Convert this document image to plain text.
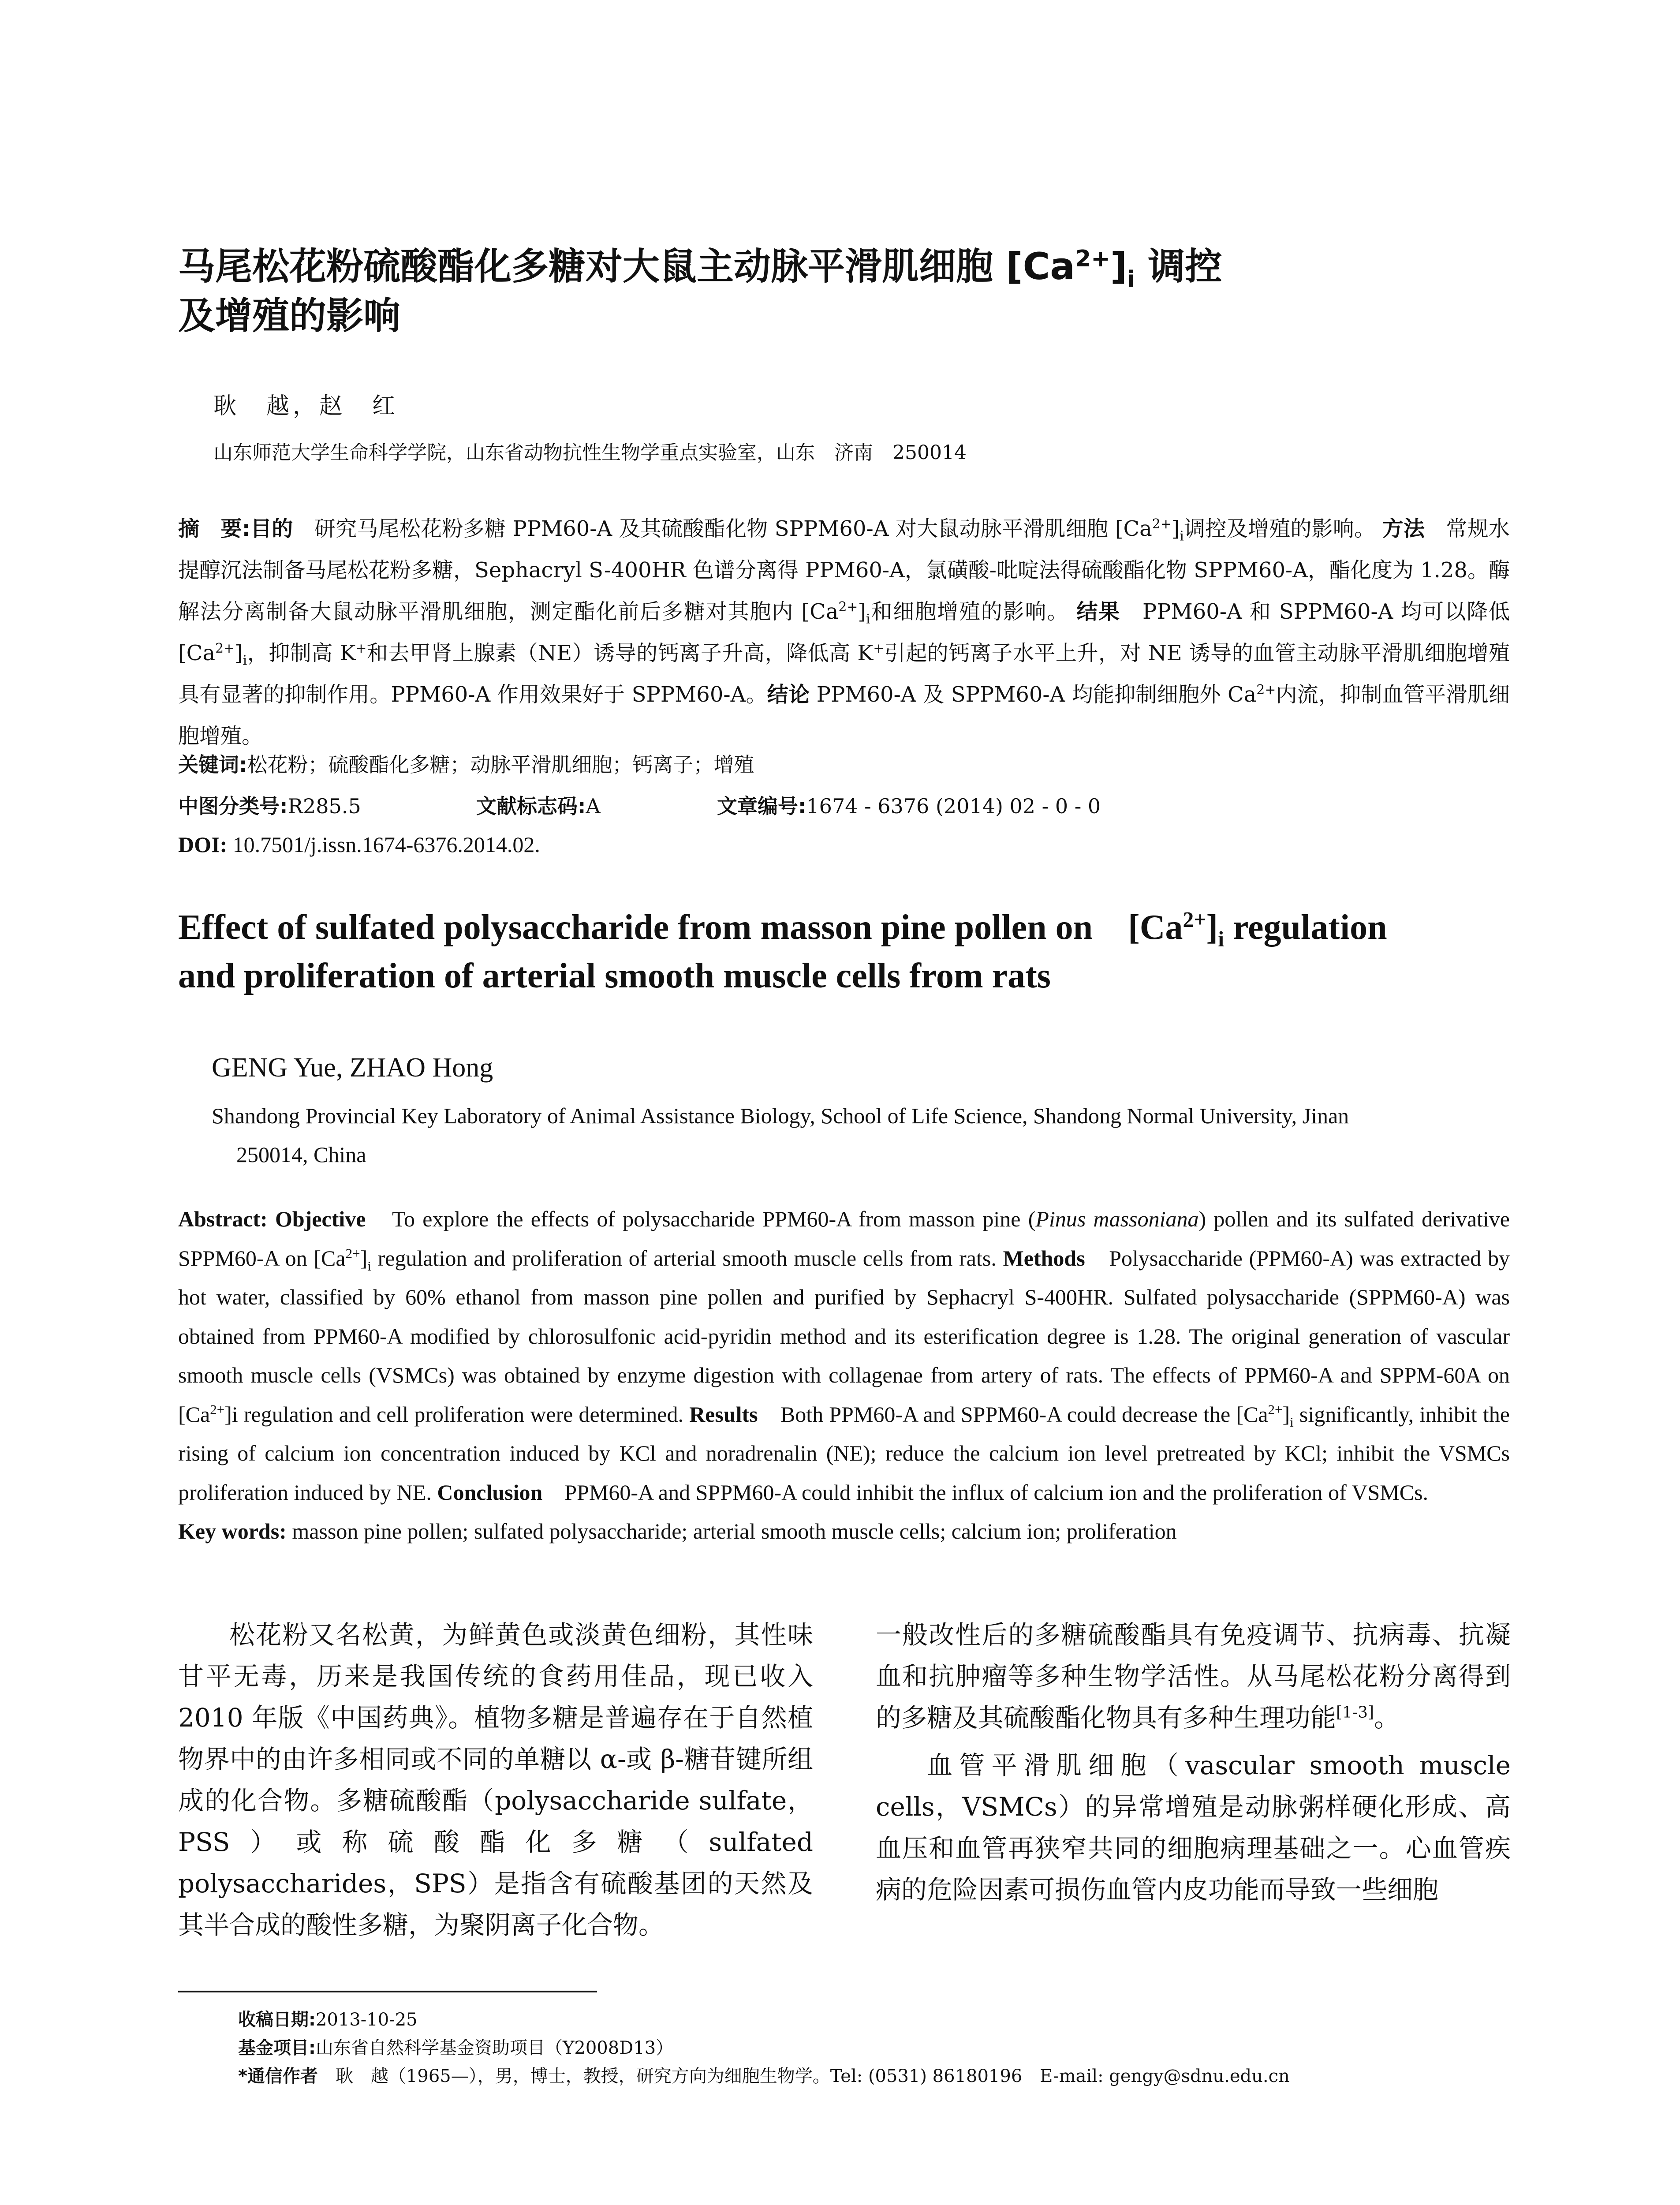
马尾松花粉硫酸酯化多糖对大鼠主动脉平滑肌细胞 $[Ca^{2+}]_i$ 调控
及增殖的影响
耿　越，赵　红
山东师范大学生命科学学院，山东省动物抗性生物学重点实验室，山东　济南　250014
摘　要:目的　研究马尾松花粉多糖 PPM60-A 及其硫酸酯化物 SPPM60-A 对大鼠动脉平滑肌细胞 $[Ca^{2+}]_i$调控及增殖的影响。 方法　常规水提醇沉法制备马尾松花粉多糖，Sephacryl S-400HR 色谱分离得 PPM60-A，氯磺酸-吡啶法得硫酸酯化物 SPPM60-A，酯化度为 1.28。酶解法分离制备大鼠动脉平滑肌细胞，测定酯化前后多糖对其胞内 $[Ca^{2+}]_i$和细胞增殖的影响。 结果　PPM60-A 和 SPPM60-A 均可以降低 $[Ca^{2+}]_i$，抑制高 K+和去甲肾上腺素（NE）诱导的钙离子升高，降低高 K+引起的钙离子水平上升，对 NE 诱导的血管主动脉平滑肌细胞增殖具有显著的抑制作用。PPM60-A 作用效果好于 SPPM60-A。结论 PPM60-A 及 SPPM60-A 均能抑制细胞外 $Ca^{2+}$内流，抑制血管平滑肌细胞增殖。
关键词:松花粉；硫酸酯化多糖；动脉平滑肌细胞；钙离子；增殖
中图分类号:R285.5	文献标志码:A	文章编号:1674 - 6376 (2014) 02 - 0 - 0
DOI: 10.7501/j.issn.1674-6376.2014.02.
Effect of sulfated polysaccharide from masson pine pollen on　$[Ca^{2+}]_i$ regulation
and proliferation of arterial smooth muscle cells from rats
GENG Yue, ZHAO Hong
Shandong Provincial Key Laboratory of Animal Assistance Biology, School of Life Science, Shandong Normal University, Jinan
250014, China
Abstract: Objective　To explore the effects of polysaccharide PPM60-A from masson pine (Pinus massoniana) pollen and its sulfated derivative SPPM60-A on $[Ca^{2+}]_i$ regulation and proliferation of arterial smooth muscle cells from rats. Methods　Polysaccharide (PPM60-A) was extracted by hot water, classified by 60% ethanol from masson pine pollen and purified by Sephacryl S-400HR. Sulfated polysaccharide (SPPM60-A) was obtained from PPM60-A modified by chlorosulfonic acid-pyridin method and its esterification degree is 1.28. The original generation of vascular smooth muscle cells (VSMCs) was obtained by enzyme digestion with collagenae from artery of rats. The effects of PPM60-A and SPPM-60A on $[Ca^{2+}]i$ regulation and cell proliferation were determined. Results　Both PPM60-A and SPPM60-A could decrease the $[Ca^{2+}]_i$ significantly, inhibit the rising of calcium ion concentration induced by KCl and noradrenalin (NE); reduce the calcium ion level pretreated by KCl; inhibit the VSMCs proliferation induced by NE. Conclusion　PPM60-A and SPPM60-A could inhibit the influx of calcium ion and the proliferation of VSMCs.
Key words: masson pine pollen; sulfated polysaccharide; arterial smooth muscle cells; calcium ion; proliferation

松花粉又名松黄，为鲜黄色或淡黄色细粉，其性味甘平无毒，历来是我国传统的食药用佳品，现已收入 2010 年版《中国药典》。植物多糖是普遍存在于自然植物界中的由许多相同或不同的单糖以 α-或 β-糖苷键所组成的化合物。多糖硫酸酯（polysaccharide sulfate，PSS）或称硫酸酯化多糖（sulfated polysaccharides，SPS）是指含有硫酸基团的天然及其半合成的酸性多糖，为聚阴离子化合物。

一般改性后的多糖硫酸酯具有免疫调节、抗病毒、抗凝血和抗肿瘤等多种生物学活性。从马尾松花粉分离得到的多糖及其硫酸酯化物具有多种生理功能[1-3]。

血管平滑肌细胞（vascular smooth muscle cells，VSMCs）的异常增殖是动脉粥样硬化形成、高血压和血管再狭窄共同的细胞病理基础之一。心血管疾病的危险因素可损伤血管内皮功能而导致一些细胞

收稿日期:2013-10-25
基金项目:山东省自然科学基金资助项目（Y2008D13）
*通信作者　耿　越（1965—），男，博士，教授，研究方向为细胞生物学。Tel: (0531) 86180196　E-mail: gengy@sdnu.edu.cn
